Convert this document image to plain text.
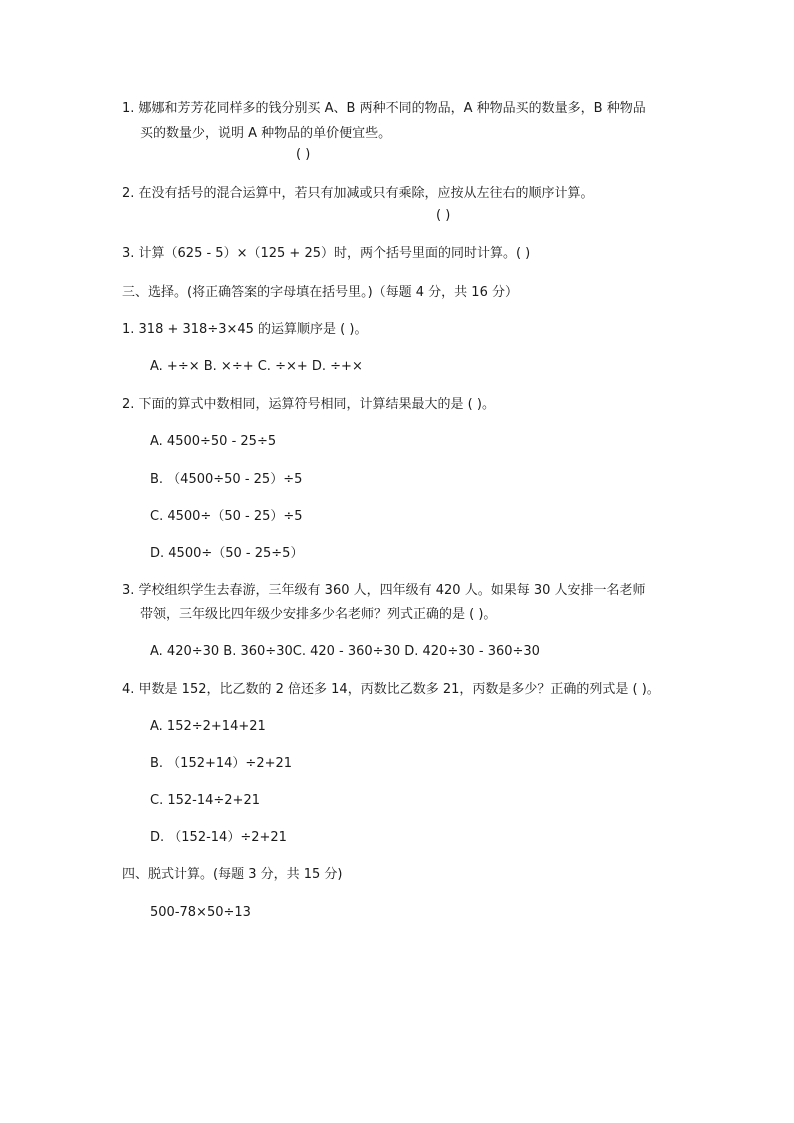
1. 娜娜和芳芳花同样多的钱分别买 A、B 两种不同的物品，A 种物品买的数量多，B 种物品
买的数量少，说明 A 种物品的单价便宜些。
( )
2. 在没有括号的混合运算中，若只有加减或只有乘除，应按从左往右的顺序计算。
( )
3. 计算（625 - 5）×（125 + 25）时，两个括号里面的同时计算。( )
三、选择。(将正确答案的字母填在括号里。)（每题 4 分，共 16 分）
1. 318 + 318÷3×45 的运算顺序是 ( )。
A. +÷× B. ×÷+ C. ÷×+ D. ÷+×
2. 下面的算式中数相同，运算符号相同，计算结果最大的是 ( )。
A. 4500÷50 - 25÷5
B. （4500÷50 - 25）÷5
C. 4500÷（50 - 25）÷5
D. 4500÷（50 - 25÷5）
3. 学校组织学生去春游，三年级有 360 人，四年级有 420 人。如果每 30 人安排一名老师
带领，三年级比四年级少安排多少名老师？列式正确的是 ( )。
A. 420÷30 B. 360÷30C. 420 - 360÷30 D. 420÷30 - 360÷30
4. 甲数是 152，比乙数的 2 倍还多 14，丙数比乙数多 21，丙数是多少？正确的列式是 ( )。
A. 152÷2+14+21
B. （152+14）÷2+21
C. 152-14÷2+21
D. （152-14）÷2+21
四、脱式计算。(每题 3 分，共 15 分)
500-78×50÷13
